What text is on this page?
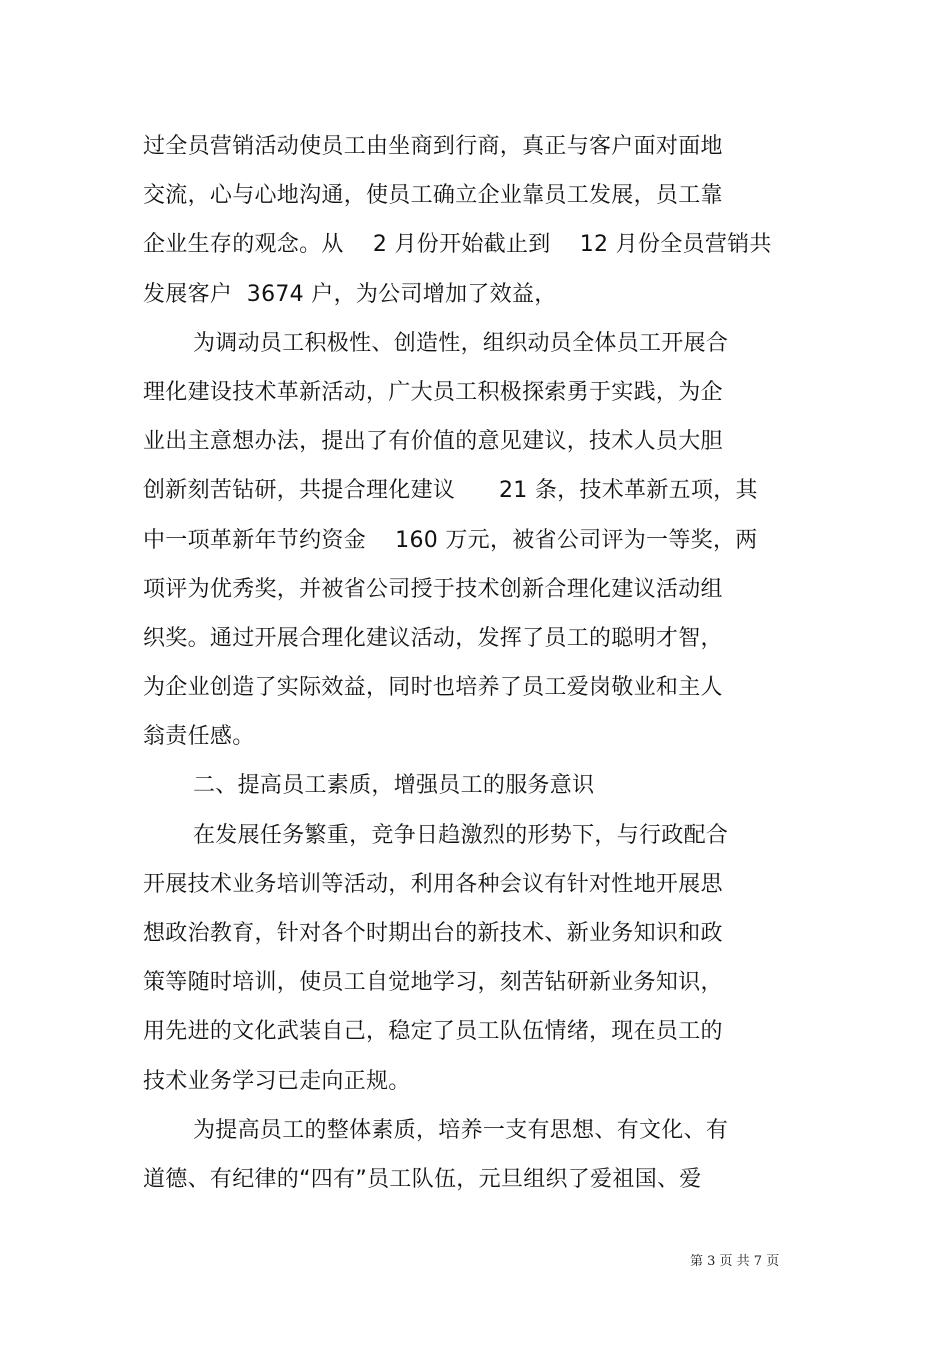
过全员营销活动使员工由坐商到行商，真正与客户面对面地
交流，心与心地沟通，使员工确立企业靠员工发展，员工靠
企业生存的观念。从    2 月份开始截止到    12 月份全员营销共
发展客户  3674 户，为公司增加了效益，
为调动员工积极性、创造性，组织动员全体员工开展合
理化建设技术革新活动，广大员工积极探索勇于实践，为企
业出主意想办法，提出了有价值的意见建议，技术人员大胆
创新刻苦钻研，共提合理化建议      21 条，技术革新五项，其
中一项革新年节约资金    160 万元，被省公司评为一等奖，两
项评为优秀奖，并被省公司授于技术创新合理化建议活动组
织奖。通过开展合理化建议活动，发挥了员工的聪明才智，
为企业创造了实际效益，同时也培养了员工爱岗敬业和主人
翁责任感。
二、提高员工素质，增强员工的服务意识
在发展任务繁重，竞争日趋激烈的形势下，与行政配合
开展技术业务培训等活动，利用各种会议有针对性地开展思
想政治教育，针对各个时期出台的新技术、新业务知识和政
策等随时培训，使员工自觉地学习，刻苦钻研新业务知识，
用先进的文化武装自己，稳定了员工队伍情绪，现在员工的
技术业务学习已走向正规。
为提高员工的整体素质，培养一支有思想、有文化、有
道德、有纪律的“四有”员工队伍，元旦组织了爱祖国、爱
第 3 页 共 7 页
